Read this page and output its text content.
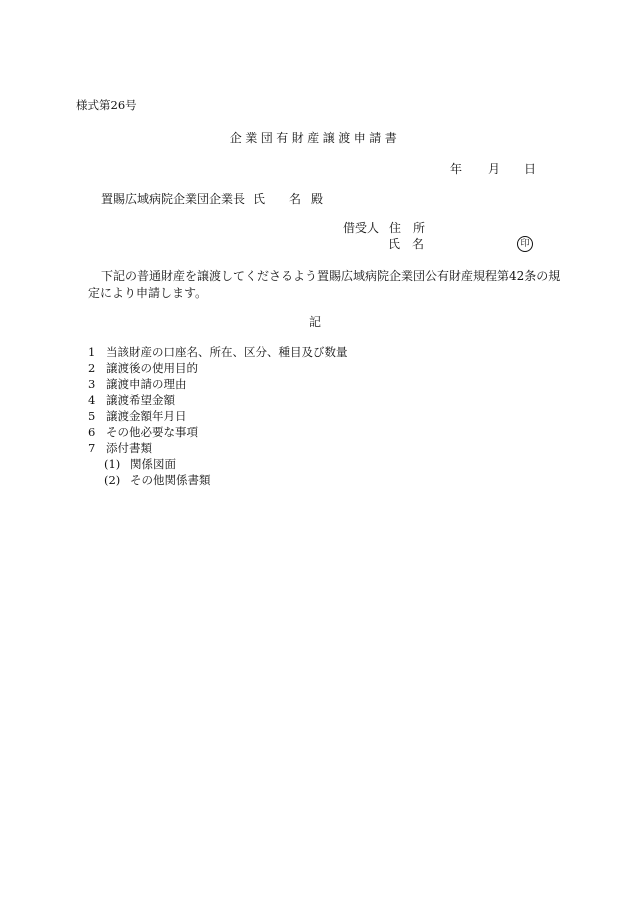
様式第26号
企業団有財産譲渡申請書
年 月 日
置賜広域病院企業団企業長 氏 名 殿
借受人 住 所
氏 名	印
下記の普通財産を譲渡してくださるよう置賜広域病院企業団公有財産規程第42条の規
定により申請します。
記
1 当該財産の口座名、所在、区分、種目及び数量
2 譲渡後の使用目的
3 譲渡申請の理由
4 譲渡希望金額
5 譲渡金額年月日
6 その他必要な事項
7 添付書類
(1) 関係図面
(2) その他関係書類
